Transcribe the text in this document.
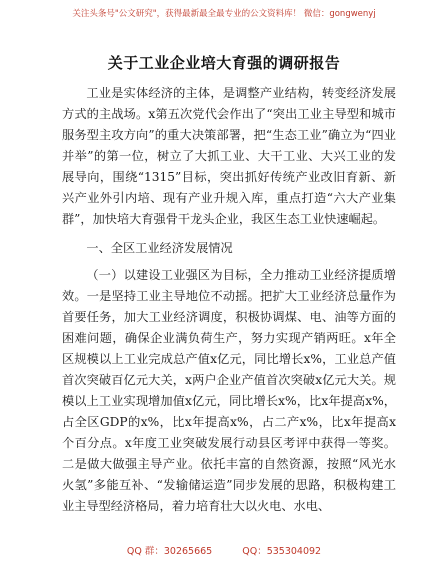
关注头条号"公文研究"，获得最新最全最专业的公文资料库！ 微信：gongwenyj
关于工业企业培大育强的调研报告

工业是实体经济的主体，是调整产业结构，转变经济发展方式的主战场。x第五次党代会作出了“突出工业主导型和城市服务型主攻方向”的重大决策部署，把“生态工业”确立为“四业并举”的第一位，树立了大抓工业、大干工业、大兴工业的发展导向，围绕“1315”目标，突出抓好传统产业改旧育新、新兴产业外引内培、现有产业升规入库，重点打造“六大产业集群”，加快培大育强骨干龙头企业，我区生态工业快速崛起。

一、全区工业经济发展情况

（一）以建设工业强区为目标，全力推动工业经济提质增效。一是坚持工业主导地位不动摇。把扩大工业经济总量作为首要任务，加大工业经济调度，积极协调煤、电、油等方面的困难问题，确保企业满负荷生产，努力实现产销两旺。x年全区规模以上工业完成总产值x亿元，同比增长x%，工业总产值首次突破百亿元大关，x两户企业产值首次突破x亿元大关。规模以上工业实现增加值x亿元，同比增长x%，比x年提高x%，占全区GDP的x%，比x年提高x%，占二产x%，比x年提高x个百分点。x年度工业突破发展行动县区考评中获得一等奖。二是做大做强主导产业。依托丰富的自然资源，按照“风光水火氢”多能互补、“发输储运造”同步发展的思路，积极构建工业主导型经济格局，着力培育壮大以火电、水电、

QQ 群：30265665	QQ：535304092
